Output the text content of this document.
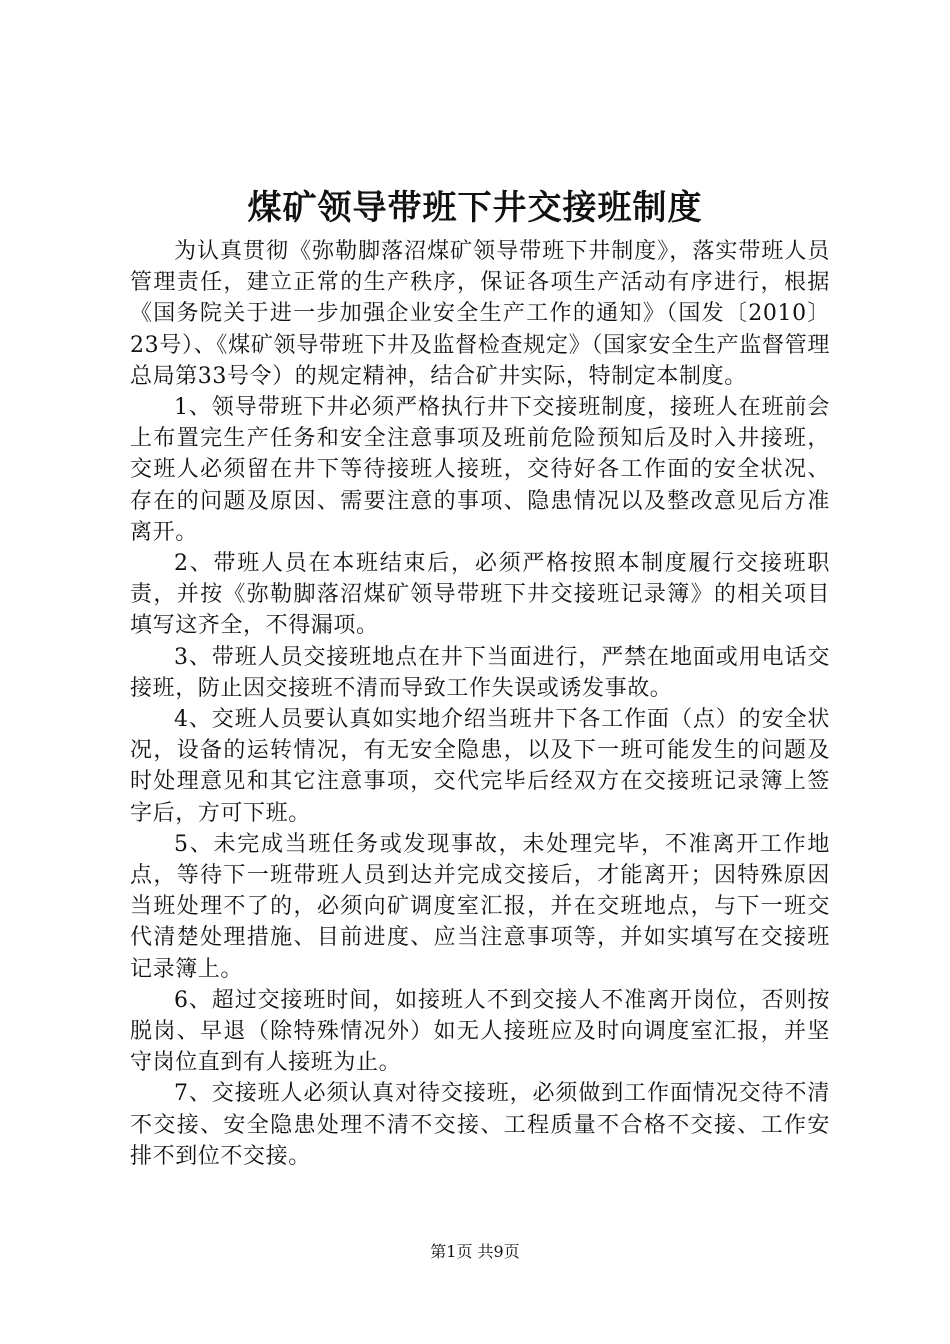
煤矿领导带班下井交接班制度

为认真贯彻《弥勒脚落沼煤矿领导带班下井制度》，落实带班人员管理责任，建立正常的生产秩序，保证各项生产活动有序进行，根据《国务院关于进一步加强企业安全生产工作的通知》（国发〔2010〕23号）、《煤矿领导带班下井及监督检查规定》（国家安全生产监督管理总局第33号令）的规定精神，结合矿井实际，特制定本制度。

1、领导带班下井必须严格执行井下交接班制度，接班人在班前会上布置完生产任务和安全注意事项及班前危险预知后及时入井接班，交班人必须留在井下等待接班人接班，交待好各工作面的安全状况、存在的问题及原因、需要注意的事项、隐患情况以及整改意见后方准离开。

2、带班人员在本班结束后，必须严格按照本制度履行交接班职责，并按《弥勒脚落沼煤矿领导带班下井交接班记录簿》的相关项目填写这齐全，不得漏项。

3、带班人员交接班地点在井下当面进行，严禁在地面或用电话交接班，防止因交接班不清而导致工作失误或诱发事故。

4、交班人员要认真如实地介绍当班井下各工作面（点）的安全状况，设备的运转情况，有无安全隐患，以及下一班可能发生的问题及时处理意见和其它注意事项，交代完毕后经双方在交接班记录簿上签字后，方可下班。

5、未完成当班任务或发现事故，未处理完毕，不准离开工作地点，等待下一班带班人员到达并完成交接后，才能离开；因特殊原因当班处理不了的，必须向矿调度室汇报，并在交班地点，与下一班交代清楚处理措施、目前进度、应当注意事项等，并如实填写在交接班记录簿上。

6、超过交接班时间，如接班人不到交接人不准离开岗位，否则按脱岗、早退（除特殊情况外）如无人接班应及时向调度室汇报，并坚守岗位直到有人接班为止。

7、交接班人必须认真对待交接班，必须做到工作面情况交待不清不交接、安全隐患处理不清不交接、工程质量不合格不交接、工作安排不到位不交接。

第1页 共9页
